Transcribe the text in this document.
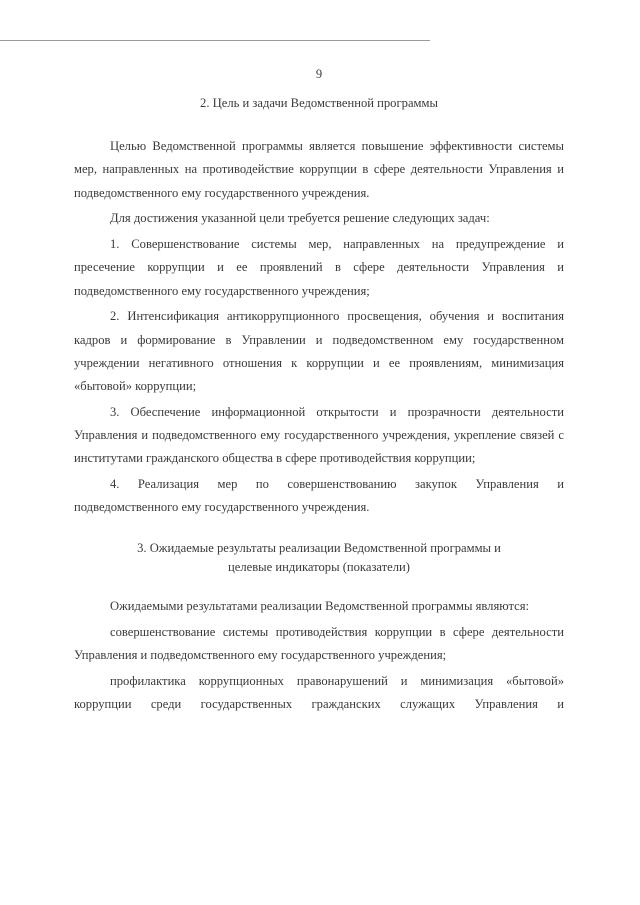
9
2. Цель и задачи Ведомственной программы

Целью Ведомственной программы является повышение эффективности системы мер, направленных на противодействие коррупции в сфере деятельности Управления и подведомственного ему государственного учреждения.

Для достижения указанной цели требуется решение следующих задач:

1. Совершенствование системы мер, направленных на предупреждение и пресечение коррупции и ее проявлений в сфере деятельности Управления и подведомственного ему государственного учреждения;

2. Интенсификация антикоррупционного просвещения, обучения и воспитания кадров и формирование в Управлении и подведомственном ему государственном учреждении негативного отношения к коррупции и ее проявлениям, минимизация «бытовой» коррупции;

3. Обеспечение информационной открытости и прозрачности деятельности Управления и подведомственного ему государственного учреждения, укрепление связей с институтами гражданского общества в сфере противодействия коррупции;

4. Реализация мер по совершенствованию закупок Управления и подведомственного ему государственного учреждения.

3. Ожидаемые результаты реализации Ведомственной программы и
целевые индикаторы (показатели)

Ожидаемыми результатами реализации Ведомственной программы являются:

совершенствование системы противодействия коррупции в сфере деятельности Управления и подведомственного ему государственного учреждения;

профилактика коррупционных правонарушений и минимизация «бытовой» коррупции среди государственных гражданских служащих Управления и
